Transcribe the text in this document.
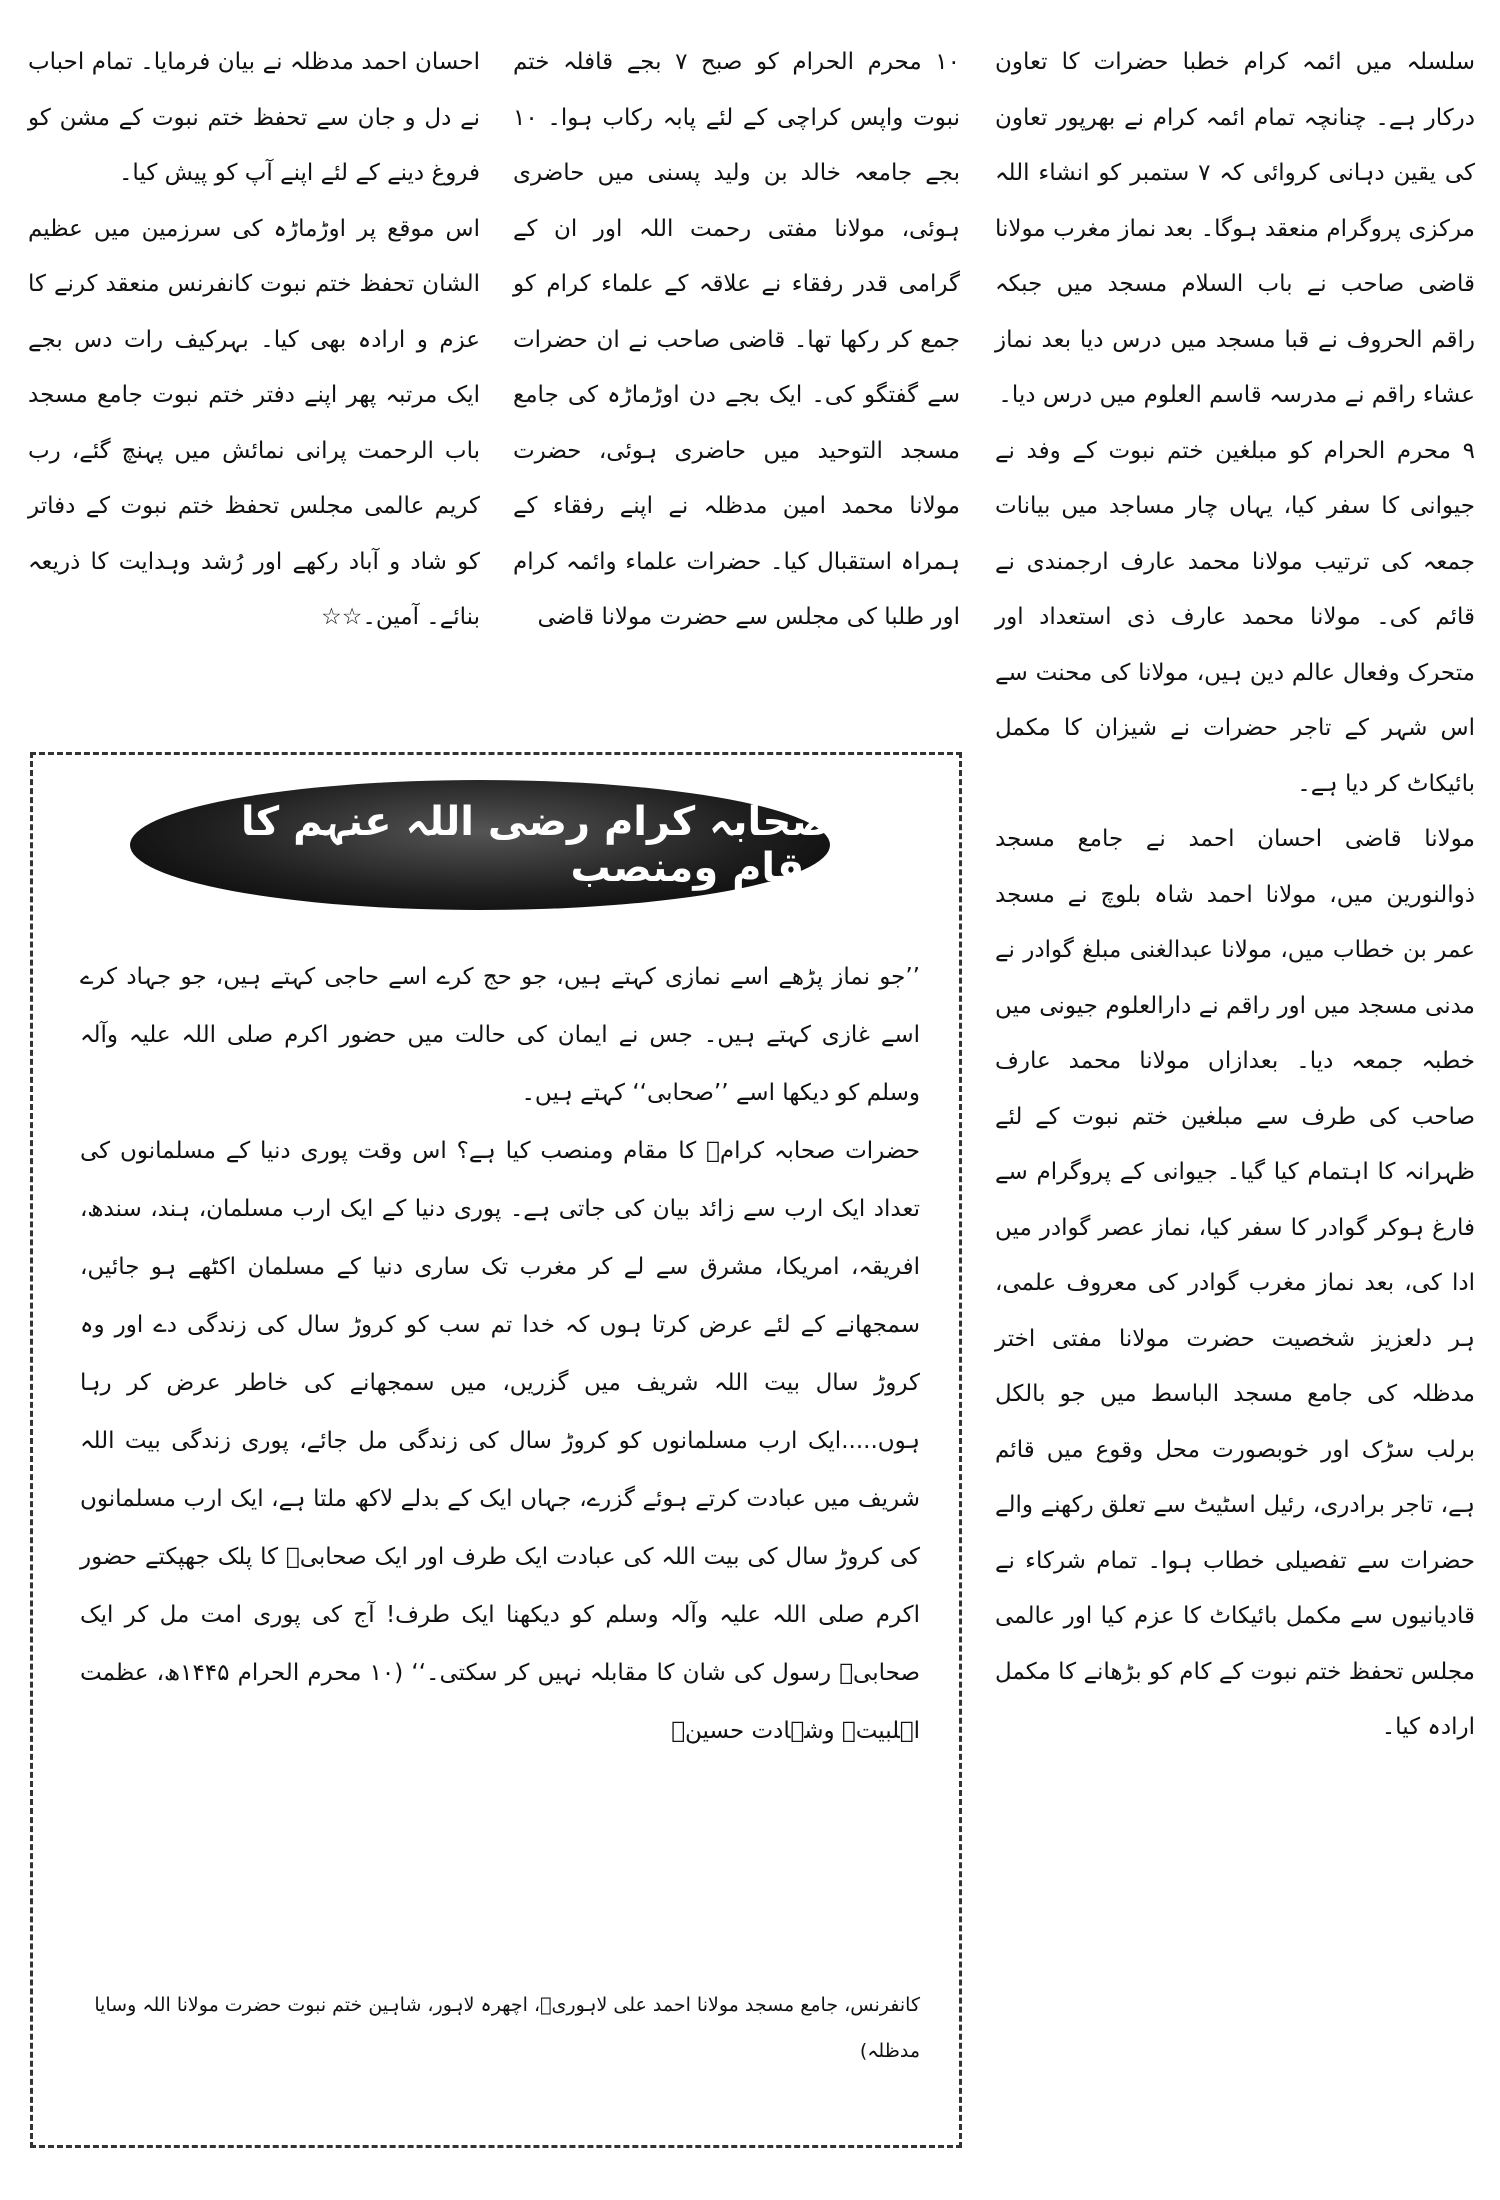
سلسلہ میں ائمہ کرام خطبا حضرات کا تعاون درکار ہے۔ چنانچہ تمام ائمہ کرام نے بھرپور تعاون کی یقین دہانی کروائی کہ ۷ ستمبر کو انشاء اللہ مرکزی پروگرام منعقد ہوگا۔ بعد نماز مغرب مولانا قاضی صاحب نے باب السلام مسجد میں جبکہ راقم الحروف نے قبا مسجد میں درس دیا بعد نماز عشاء راقم نے مدرسہ قاسم العلوم میں درس دیا۔

۹ محرم الحرام کو مبلغین ختم نبوت کے وفد نے جیوانی کا سفر کیا، یہاں چار مساجد میں بیانات جمعہ کی ترتیب مولانا محمد عارف ارجمندی نے قائم کی۔ مولانا محمد عارف ذی استعداد اور متحرک وفعال عالم دین ہیں، مولانا کی محنت سے اس شہر کے تاجر حضرات نے شیزان کا مکمل بائیکاٹ کر دیا ہے۔

مولانا قاضی احسان احمد نے جامع مسجد ذوالنورین میں، مولانا احمد شاہ بلوچ نے مسجد عمر بن خطاب میں، مولانا عبدالغنی مبلغ گوادر نے مدنی مسجد میں اور راقم نے دارالعلوم جیونی میں خطبہ جمعہ دیا۔ بعدازاں مولانا محمد عارف صاحب کی طرف سے مبلغین ختم نبوت کے لئے ظہرانہ کا اہتمام کیا گیا۔ جیوانی کے پروگرام سے فارغ ہوکر گوادر کا سفر کیا، نماز عصر گوادر میں ادا کی، بعد نماز مغرب گوادر کی معروف علمی، ہر دلعزیز شخصیت حضرت مولانا مفتی اختر مدظلہ کی جامع مسجد الباسط میں جو بالکل برلب سڑک اور خوبصورت محل وقوع میں قائم ہے، تاجر برادری، رئیل اسٹیٹ سے تعلق رکھنے والے حضرات سے تفصیلی خطاب ہوا۔ تمام شرکاء نے قادیانیوں سے مکمل بائیکاٹ کا عزم کیا اور عالمی مجلس تحفظ ختم نبوت کے کام کو بڑھانے کا مکمل ارادہ کیا۔

۱۰ محرم الحرام کو صبح ۷ بجے قافلہ ختم نبوت واپس کراچی کے لئے پابہ رکاب ہوا۔ ۱۰ بجے جامعہ خالد بن ولید پسنی میں حاضری ہوئی، مولانا مفتی رحمت اللہ اور ان کے گرامی قدر رفقاء نے علاقہ کے علماء کرام کو جمع کر رکھا تھا۔ قاضی صاحب نے ان حضرات سے گفتگو کی۔ ایک بجے دن اوڑماڑہ کی جامع مسجد التوحید میں حاضری ہوئی، حضرت مولانا محمد امین مدظلہ نے اپنے رفقاء کے ہمراہ استقبال کیا۔ حضرات علماء وائمہ کرام اور طلبا کی مجلس سے حضرت مولانا قاضی

احسان احمد مدظلہ نے بیان فرمایا۔ تمام احباب نے دل و جان سے تحفظ ختم نبوت کے مشن کو فروغ دینے کے لئے اپنے آپ کو پیش کیا۔

اس موقع پر اوڑماڑہ کی سرزمین میں عظیم الشان تحفظ ختم نبوت کانفرنس منعقد کرنے کا عزم و ارادہ بھی کیا۔ بہرکیف رات دس بجے ایک مرتبہ پھر اپنے دفتر ختم نبوت جامع مسجد باب الرحمت پرانی نمائش میں پہنچ گئے، رب کریم عالمی مجلس تحفظ ختم نبوت کے دفاتر کو شاد و آباد رکھے اور رُشد وہدایت کا ذریعہ بنائے۔ آمین۔☆☆

صحابہ کرام رضی اللہ عنہم کا مقام ومنصب

’’جو نماز پڑھے اسے نمازی کہتے ہیں، جو حج کرے اسے حاجی کہتے ہیں، جو جہاد کرے اسے غازی کہتے ہیں۔ جس نے ایمان کی حالت میں حضور اکرم صلی اللہ علیہ وآلہ وسلم کو دیکھا اسے ’’صحابی‘‘ کہتے ہیں۔

حضرات صحابہ کرامؓ کا مقام ومنصب کیا ہے؟ اس وقت پوری دنیا کے مسلمانوں کی تعداد ایک ارب سے زائد بیان کی جاتی ہے۔ پوری دنیا کے ایک ارب مسلمان، ہند، سندھ، افریقہ، امریکا، مشرق سے لے کر مغرب تک ساری دنیا کے مسلمان اکٹھے ہو جائیں، سمجھانے کے لئے عرض کرتا ہوں کہ خدا تم سب کو کروڑ سال کی زندگی دے اور وہ کروڑ سال بیت اللہ شریف میں گزریں، میں سمجھانے کی خاطر عرض کر رہا ہوں.....ایک ارب مسلمانوں کو کروڑ سال کی زندگی مل جائے، پوری زندگی بیت اللہ شریف میں عبادت کرتے ہوئے گزرے، جہاں ایک کے بدلے لاکھ ملتا ہے، ایک ارب مسلمانوں کی کروڑ سال کی بیت اللہ کی عبادت ایک طرف اور ایک صحابیؓ کا پلک جھپکتے حضور اکرم صلی اللہ علیہ وآلہ وسلم کو دیکھنا ایک طرف! آج کی پوری امت مل کر ایک صحابیؓ رسول کی شان کا مقابلہ نہیں کر سکتی۔‘‘ (۱۰ محرم الحرام ۱۴۴۵ھ، عظمت اہلبیتؓ وشہادت حسینؓ

کانفرنس، جامع مسجد مولانا احمد علی لاہوریؒ، اچھرہ لاہور، شاہین ختم نبوت حضرت مولانا اللہ وسایا مدظلہ)
